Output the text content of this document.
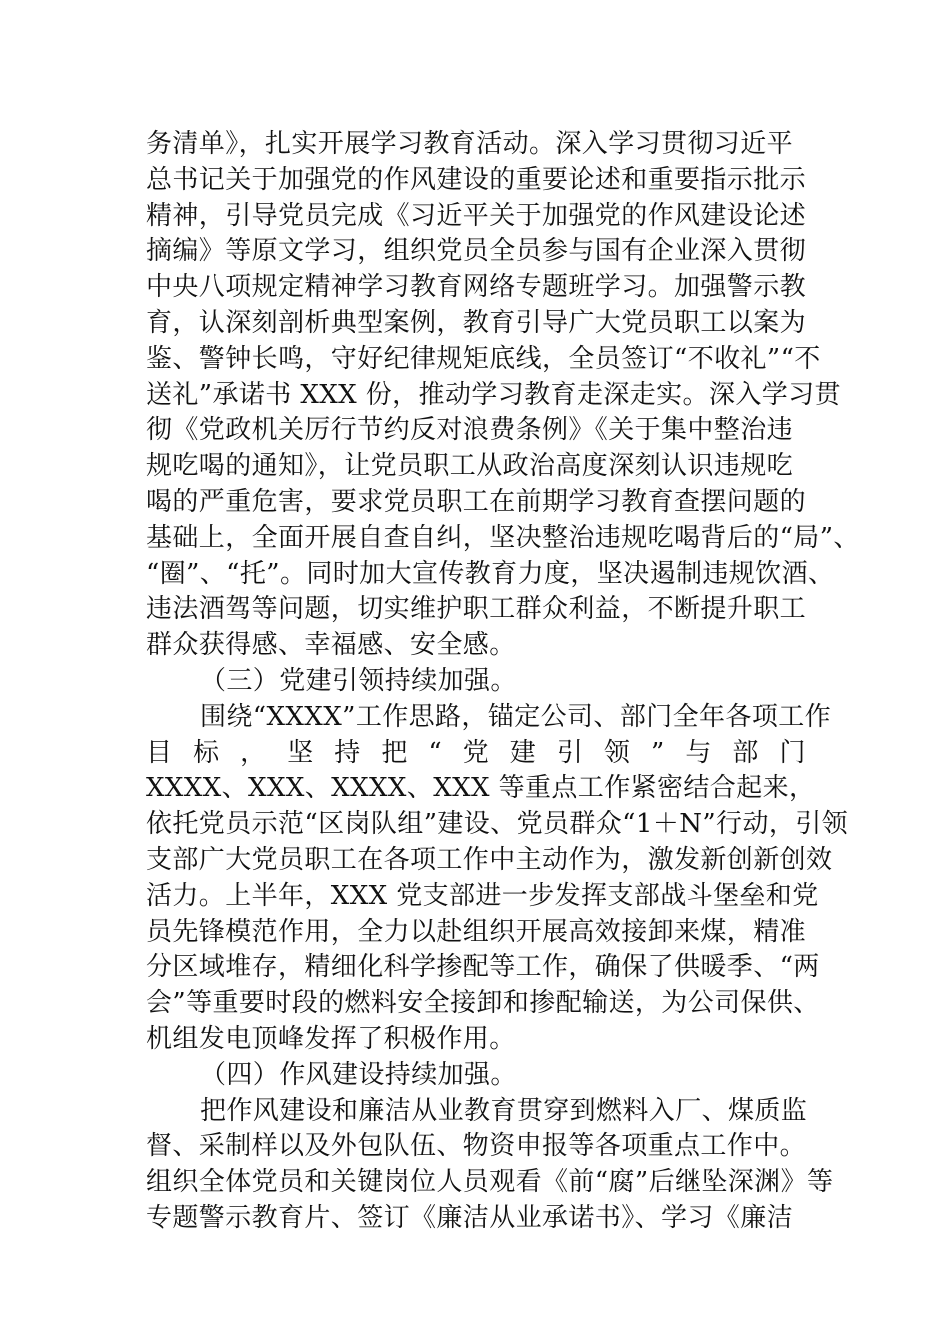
务清单》，扎实开展学习教育活动。深入学习贯彻习近平
总书记关于加强党的作风建设的重要论述和重要指示批示
精神，引导党员完成《习近平关于加强党的作风建设论述
摘编》等原文学习，组织党员全员参与国有企业深入贯彻
中央八项规定精神学习教育网络专题班学习。加强警示教
育，认深刻剖析典型案例，教育引导广大党员职工以案为
鉴、警钟长鸣，守好纪律规矩底线，全员签订“不收礼”“不
送礼”承诺书 XXX 份，推动学习教育走深走实。深入学习贯
彻《党政机关厉行节约反对浪费条例》《关于集中整治违
规吃喝的通知》，让党员职工从政治高度深刻认识违规吃
喝的严重危害，要求党员职工在前期学习教育查摆问题的
基础上，全面开展自查自纠，坚决整治违规吃喝背后的“局”、
“圈”、“托”。同时加大宣传教育力度，坚决遏制违规饮酒、
违法酒驾等问题，切实维护职工群众利益，不断提升职工
群众获得感、幸福感、安全感。
（三）党建引领持续加强。
围绕“XXXX”工作思路，锚定公司、部门全年各项工作
目 标 ， 坚 持 把 “ 党 建 引 领 ” 与 部 门
XXXX、XXX、XXXX、XXX 等重点工作紧密结合起来，
依托党员示范“区岗队组”建设、党员群众“1＋N”行动，引领
支部广大党员职工在各项工作中主动作为，激发新创新创效
活力。上半年，XXX 党支部进一步发挥支部战斗堡垒和党
员先锋模范作用，全力以赴组织开展高效接卸来煤，精准
分区域堆存，精细化科学掺配等工作，确保了供暖季、“两
会”等重要时段的燃料安全接卸和掺配输送，为公司保供、
机组发电顶峰发挥了积极作用。
（四）作风建设持续加强。
把作风建设和廉洁从业教育贯穿到燃料入厂、煤质监
督、采制样以及外包队伍、物资申报等各项重点工作中。
组织全体党员和关键岗位人员观看《前“腐”后继坠深渊》等
专题警示教育片、签订《廉洁从业承诺书》、学习《廉洁
